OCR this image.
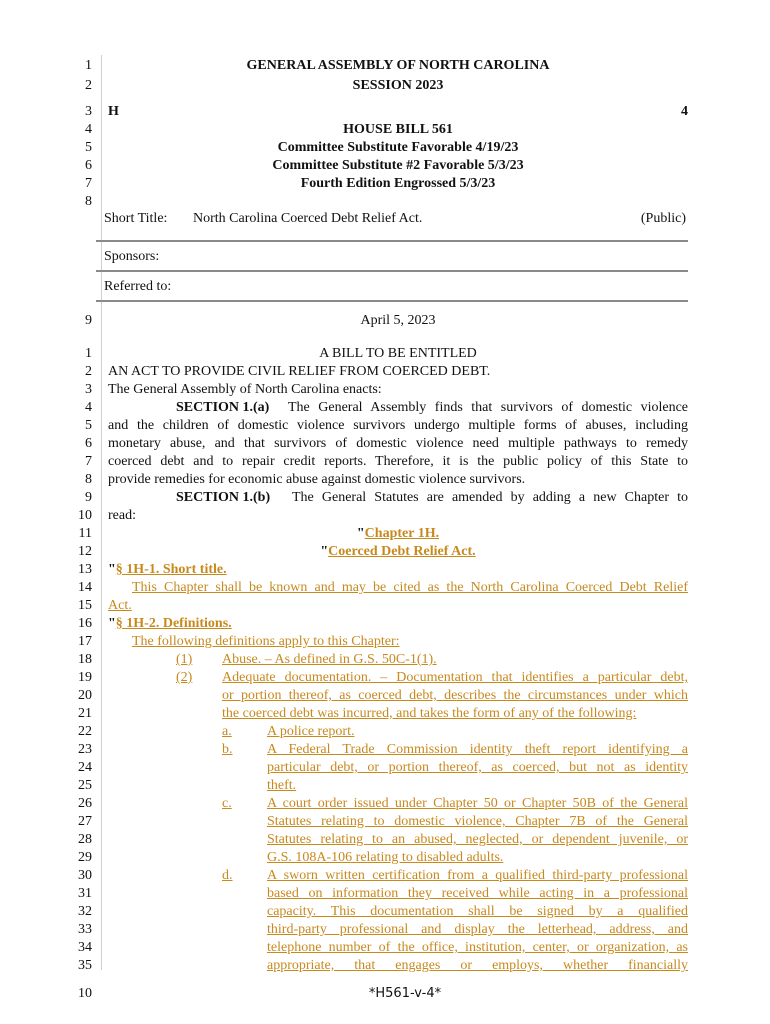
1
2
3
4
5
6
7
8
GENERAL ASSEMBLY OF NORTH CAROLINA
SESSION 2023
H	4
HOUSE BILL 561
Committee Substitute Favorable 4/19/23
Committee Substitute #2 Favorable 5/3/23
Fourth Edition Engrossed 5/3/23
Short Title: North Carolina Coerced Debt Relief Act.	(Public)
Sponsors:
Referred to:
9	April 5, 2023
1
2
3
4
5
6
7
8
9
10
11
12
13
14
15
16
17
18
19
20
21
22
23
24
25
26
27
28
29
30
31
32
33
34
35
A BILL TO BE ENTITLED
AN ACT TO PROVIDE CIVIL RELIEF FROM COERCED DEBT.
The General Assembly of North Carolina enacts:
SECTION 1.(a) The General Assembly finds that survivors of domestic violence
and the children of domestic violence survivors undergo multiple forms of abuses, including
monetary abuse, and that survivors of domestic violence need multiple pathways to remedy
coerced debt and to repair credit reports. Therefore, it is the public policy of this State to
provide remedies for economic abuse against domestic violence survivors.
SECTION 1.(b) The General Statutes are amended by adding a new Chapter to
read:
"Chapter 1H.
"Coerced Debt Relief Act.
"§ 1H-1. Short title.
This Chapter shall be known and may be cited as the North Carolina Coerced Debt Relief
Act.
"§ 1H-2. Definitions.
The following definitions apply to this Chapter:
(1) Abuse. – As defined in G.S. 50C-1(1).
(2) Adequate documentation. – Documentation that identifies a particular debt,
or portion thereof, as coerced debt, describes the circumstances under which
the coerced debt was incurred, and takes the form of any of the following:
a.	A police report.
b. A Federal Trade Commission identity theft report identifying a
particular debt, or portion thereof, as coerced, but not as identity
theft.
c.	A court order issued under Chapter 50 or Chapter 50B of the General
Statutes relating to domestic violence, Chapter 7B of the General
Statutes relating to an abused, neglected, or dependent juvenile, or
G.S. 108A-106 relating to disabled adults.
d. A sworn written certification from a qualified third-party professional
based on information they received while acting in a professional
capacity. This documentation shall be signed by a qualified
third-party professional and display the letterhead, address, and
telephone number of the office, institution, center, or organization, as
appropriate, that engages or employs, whether financially
10	*H561-v-4*
